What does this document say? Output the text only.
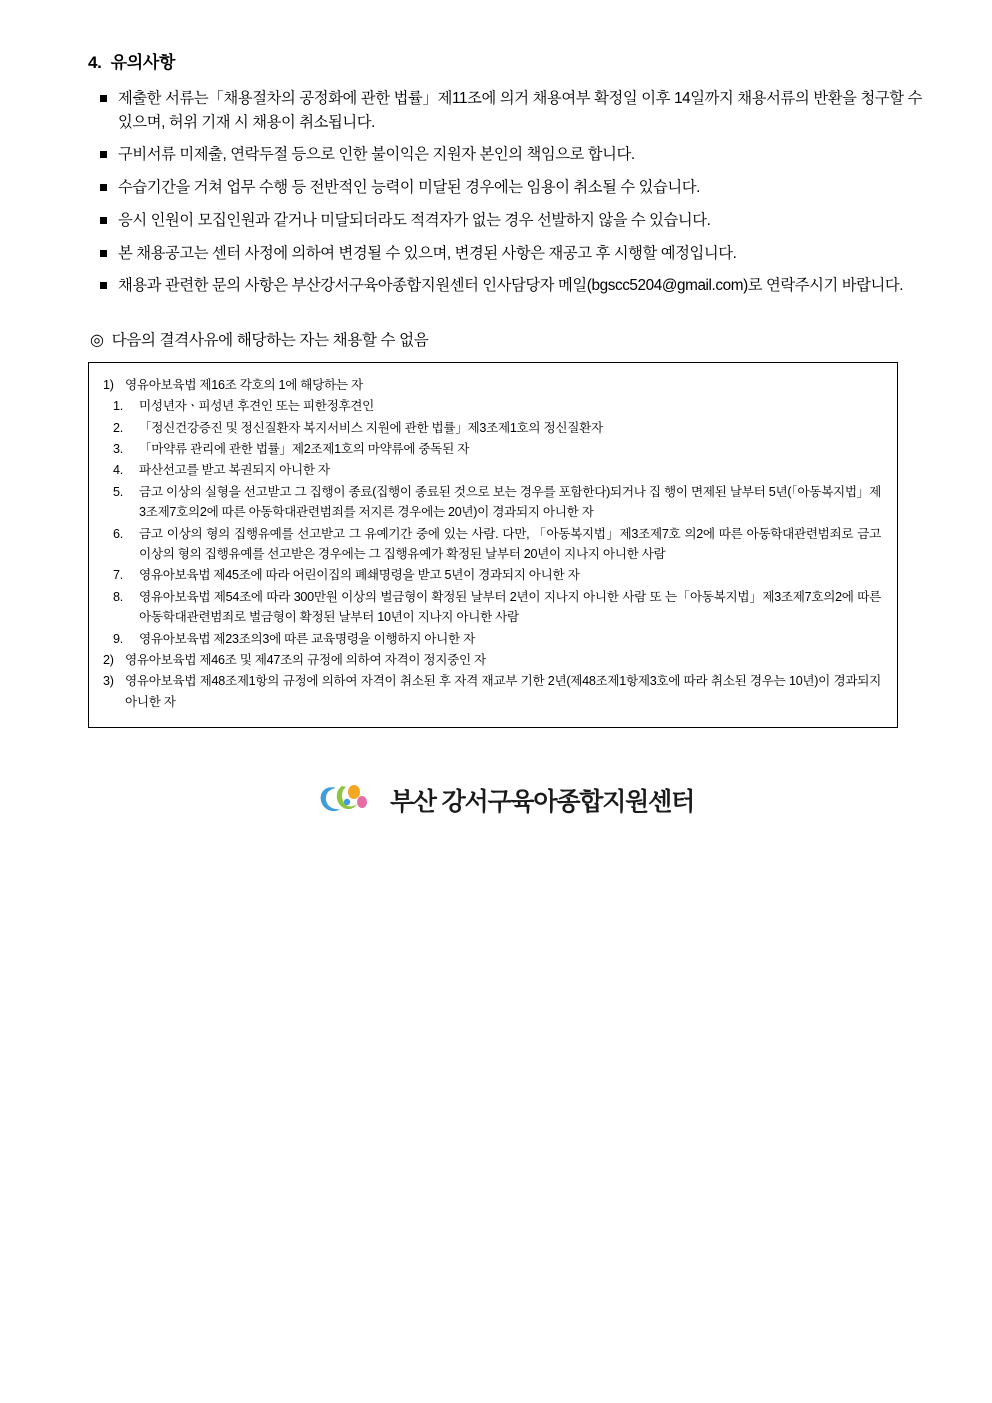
4. 유의사항
제출한 서류는「채용절차의 공정화에 관한 법률」제11조에 의거 채용여부 확정일 이후 14일까지 채용서류의 반환을 청구할 수 있으며, 허위 기재 시 채용이 취소됩니다.
구비서류 미제출, 연락두절 등으로 인한 불이익은 지원자 본인의 책임으로 합니다.
수습기간을 거쳐 업무 수행 등 전반적인 능력이 미달된 경우에는 임용이 취소될 수 있습니다.
응시 인원이 모집인원과 같거나 미달되더라도 적격자가 없는 경우 선발하지 않을 수 있습니다.
본 채용공고는 센터 사정에 의하여 변경될 수 있으며, 변경된 사항은 재공고 후 시행할 예정입니다.
채용과 관련한 문의 사항은 부산강서구육아종합지원센터 인사담당자 메일(bgscc5204@gmail.com)로 연락주시기 바랍니다.
◎ 다음의 결격사유에 해당하는 자는 채용할 수 없음
1) 영유아보육법 제16조 각호의 1에 해당하는 자
1.	미성년자ㆍ피성년 후견인 또는 피한정후견인
2.	「정신건강증진 및 정신질환자 복지서비스 지원에 관한 법률」제3조제1호의 정신질환자
3.	「마약류 관리에 관한 법률」제2조제1호의 마약류에 중독된 자
4.	파산선고를 받고 복권되지 아니한 자
5.	금고 이상의 실형을 선고받고 그 집행이 종료(집행이 종료된 것으로 보는 경우를 포함한다)되거나 집 행이 면제된 날부터 5년(「아동복지법」제3조제7호의2에 따른 아동학대관련범죄를 저지른 경우에는 20년)이 경과되지 아니한 자
6.	금고 이상의 형의 집행유예를 선고받고 그 유예기간 중에 있는 사람. 다만, 「아동복지법」제3조제7호 의2에 따른 아동학대관련범죄로 금고 이상의 형의 집행유예를 선고받은 경우에는 그 집행유예가 확정된 날부터 20년이 지나지 아니한 사람
7.	영유아보육법 제45조에 따라 어린이집의 폐쇄명령을 받고 5년이 경과되지 아니한 자
8.	영유아보육법 제54조에 따라 300만원 이상의 벌금형이 확정된 날부터 2년이 지나지 아니한 사람 또 는「아동복지법」제3조제7호의2에 따른 아동학대관련범죄로 벌금형이 확정된 날부터 10년이 지나지 아니한 사람
9.	영유아보육법 제23조의3에 따른 교육명령을 이행하지 아니한 자
2) 영유아보육법 제46조 및 제47조의 규정에 의하여 자격이 정지중인 자
3) 영유아보육법 제48조제1항의 규정에 의하여 자격이 취소된 후 자격 재교부 기한 2년(제48조제1항제3호에 따라 취소된 경우는 10년)이 경과되지 아니한 자
부산 강서구육아종합지원센터
